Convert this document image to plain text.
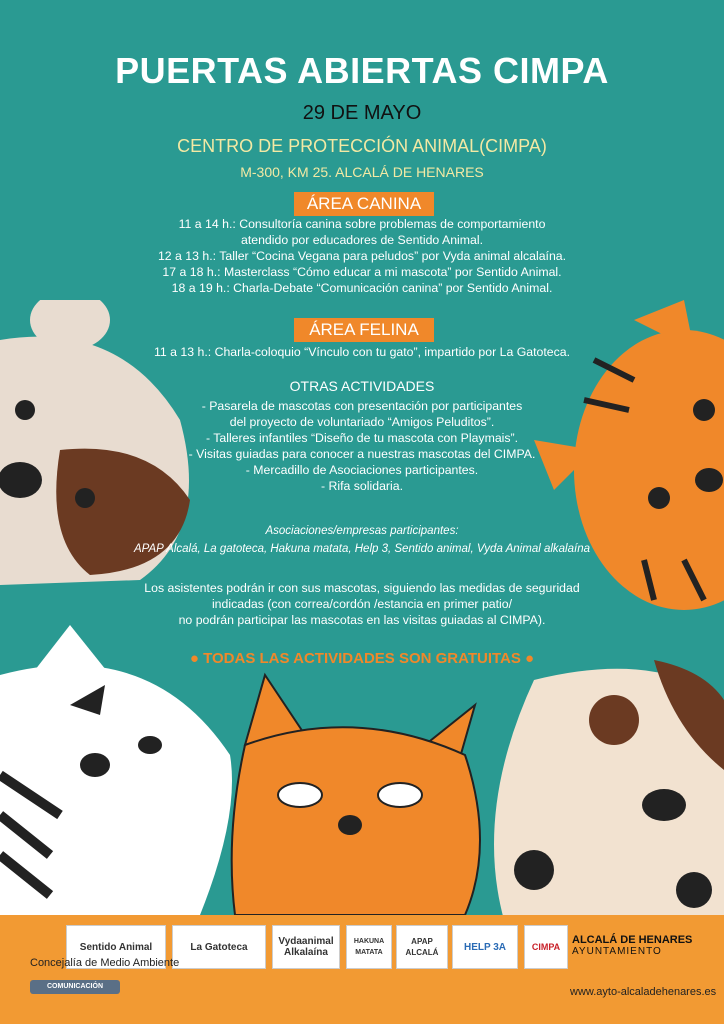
PUERTAS ABIERTAS CIMPA
29 DE MAYO
CENTRO DE PROTECCIÓN ANIMAL(CIMPA)
M-300, KM 25. ALCALÁ DE HENARES
ÁREA CANINA
11 a 14 h.: Consultoría canina sobre problemas de comportamiento
atendido por educadores de Sentido Animal.
12 a 13 h.: Taller “Cocina Vegana para peludos” por Vyda animal alcalaína.
17 a 18 h.: Masterclass “Cómo educar a mi mascota” por Sentido Animal.
18 a 19 h.: Charla-Debate “Comunicación canina” por Sentido Animal.
ÁREA FELINA
11 a 13 h.: Charla-coloquio “Vínculo con tu gato”, impartido por La Gatoteca.
OTRAS ACTIVIDADES
- Pasarela de mascotas con presentación por participantes
del proyecto de voluntariado “Amigos Peluditos”.
- Talleres infantiles “Diseño de tu mascota con Playmais”.
- Visitas guiadas para conocer a nuestras mascotas del CIMPA.
- Mercadillo de Asociaciones participantes.
- Rifa solidaria.
Asociaciones/empresas participantes:
APAP Alcalá, La gatoteca, Hakuna matata, Help 3, Sentido animal, Vyda Animal alkalaína
Los asistentes podrán ir con sus mascotas, siguiendo las medidas de seguridad
indicadas (con correa/cordón /estancia en primer patio/
no podrán participar las mascotas en las visitas guiadas al CIMPA).
● TODAS LAS ACTIVIDADES SON GRATUITAS ●
Sentido Animal	La Gatoteca	Vydaanimal Alkalaína
HAKUNA MATATA
APAP ALCALÁ	HELP 3A	CIMPA
ALCALÁ DE HENARES
AYUNTAMIENTO
Concejalía de Medio Ambiente
COMUNICACIÓN	www.ayto-alcaladehenares.es
